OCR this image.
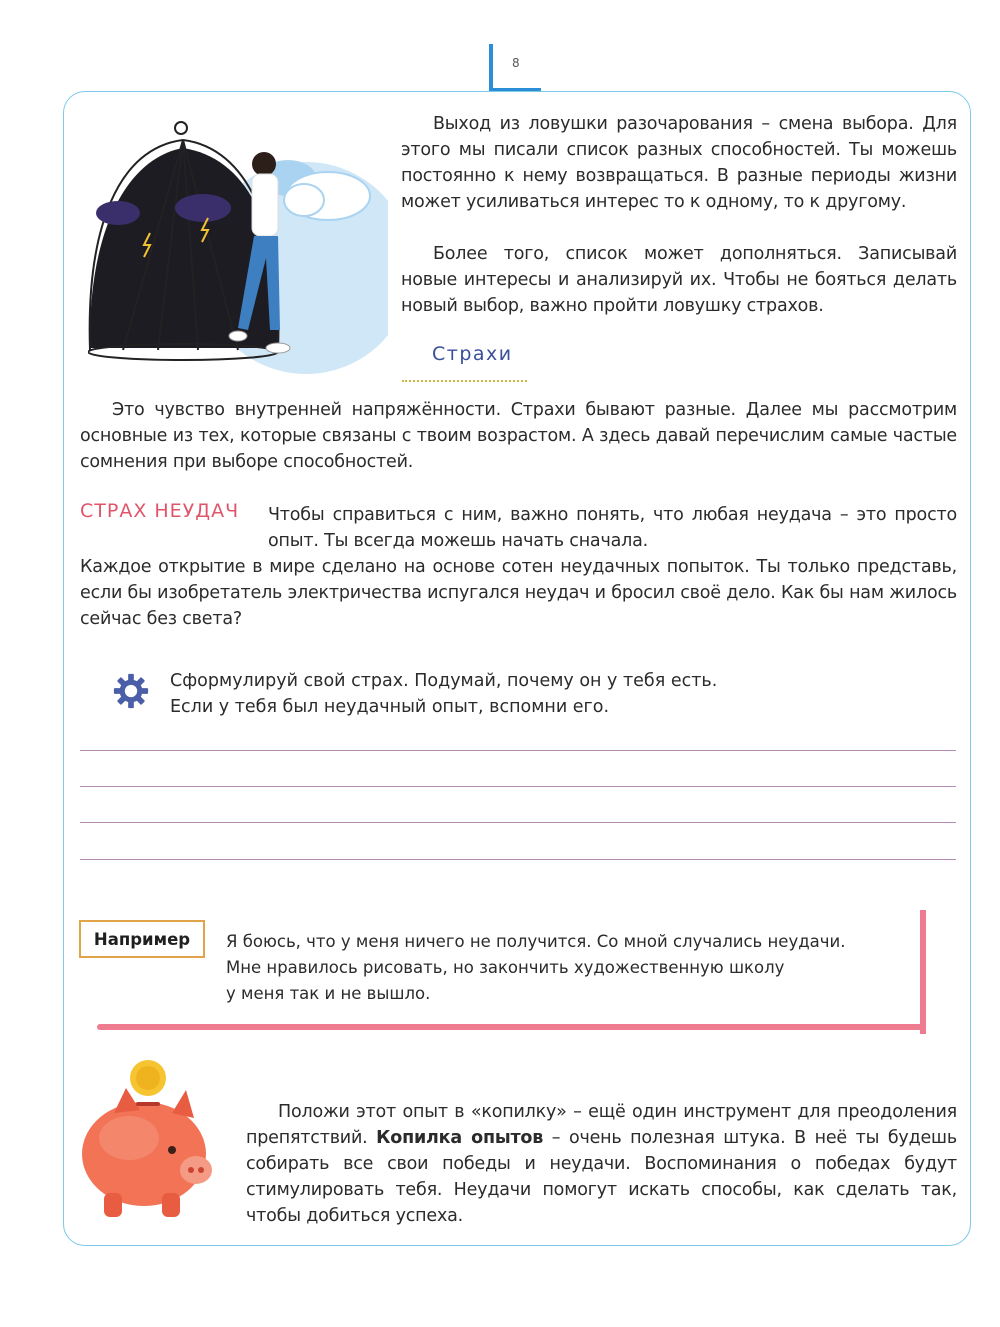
8
Выход из ловушки разочарования – смена выбора. Для этого мы писали список разных способностей. Ты можешь постоянно к нему возвращаться. В разные периоды жизни может усиливаться интерес то к одному, то к другому.
Более того, список может дополняться. Записывай новые интересы и анализируй их. Чтобы не бояться делать новый выбор, важно пройти ловушку страхов.
Страхи
Это чувство внутренней напряжённости. Страхи бывают разные. Далее мы рассмотрим основные из тех, которые связаны с твоим возрастом. А здесь давай перечислим самые частые сомнения при выборе способностей.
СТРАХ НЕУДАЧ Чтобы справиться с ним, важно понять, что любая неудача – это просто опыт. Ты всегда можешь начать сначала.
Каждое открытие в мире сделано на основе сотен неудачных попыток. Ты только представь, если бы изобретатель электричества испугался неудач и бросил своё дело. Как бы нам жилось сейчас без света?
Сформулируй свой страх. Подумай, почему он у тебя есть.
Если у тебя был неудачный опыт, вспомни его.
Например	Я боюсь, что у меня ничего не получится. Со мной случались неудачи.
Мне нравилось рисовать, но закончить художественную школу
у меня так и не вышло.
Положи этот опыт в «копилку» – ещё один инструмент для преодоления препятствий. Копилка опытов – очень полезная штука. В неё ты будешь собирать все свои победы и неудачи. Воспоминания о победах будут стимулировать тебя. Неудачи помогут искать способы, как сделать так, чтобы добиться успеха.
